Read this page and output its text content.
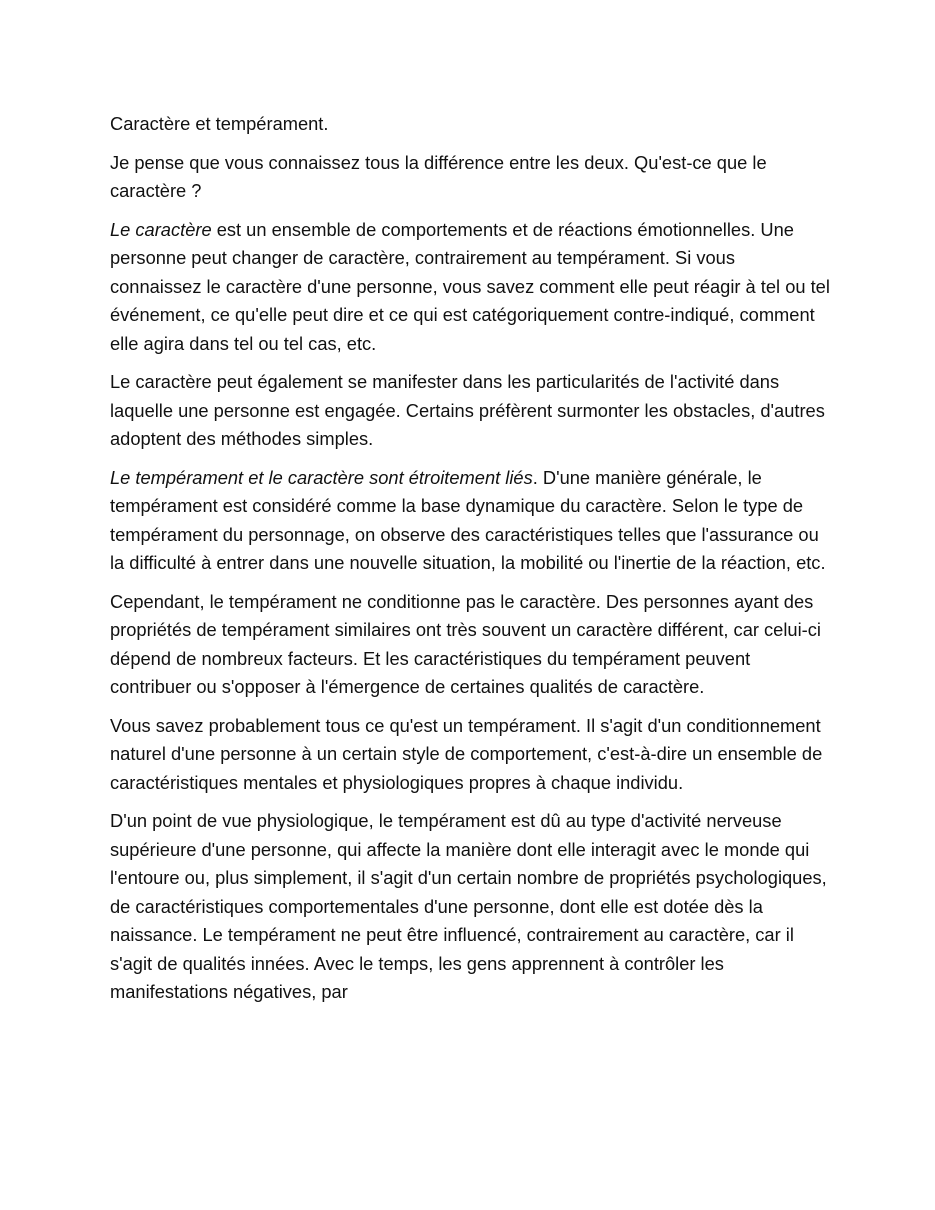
Caractère et tempérament.

Je pense que vous connaissez tous la différence entre les deux. Qu'est-ce que le caractère ?

Le caractère est un ensemble de comportements et de réactions émotionnelles. Une personne peut changer de caractère, contrairement au tempérament. Si vous connaissez le caractère d'une personne, vous savez comment elle peut réagir à tel ou tel événement, ce qu'elle peut dire et ce qui est catégoriquement contre-indiqué, comment elle agira dans tel ou tel cas, etc.

Le caractère peut également se manifester dans les particularités de l'activité dans laquelle une personne est engagée. Certains préfèrent surmonter les obstacles, d'autres adoptent des méthodes simples.

Le tempérament et le caractère sont étroitement liés. D'une manière générale, le tempérament est considéré comme la base dynamique du caractère. Selon le type de tempérament du personnage, on observe des caractéristiques telles que l'assurance ou la difficulté à entrer dans une nouvelle situation, la mobilité ou l'inertie de la réaction, etc.

Cependant, le tempérament ne conditionne pas le caractère. Des personnes ayant des propriétés de tempérament similaires ont très souvent un caractère différent, car celui-ci dépend de nombreux facteurs. Et les caractéristiques du tempérament peuvent contribuer ou s'opposer à l'émergence de certaines qualités de caractère.

Vous savez probablement tous ce qu'est un tempérament. Il s'agit d'un conditionnement naturel d'une personne à un certain style de comportement, c'est-à-dire un ensemble de caractéristiques mentales et physiologiques propres à chaque individu.

D'un point de vue physiologique, le tempérament est dû au type d'activité nerveuse supérieure d'une personne, qui affecte la manière dont elle interagit avec le monde qui l'entoure ou, plus simplement, il s'agit d'un certain nombre de propriétés psychologiques, de caractéristiques comportementales d'une personne, dont elle est dotée dès la naissance. Le tempérament ne peut être influencé, contrairement au caractère, car il s'agit de qualités innées. Avec le temps, les gens apprennent à contrôler les manifestations négatives, par
